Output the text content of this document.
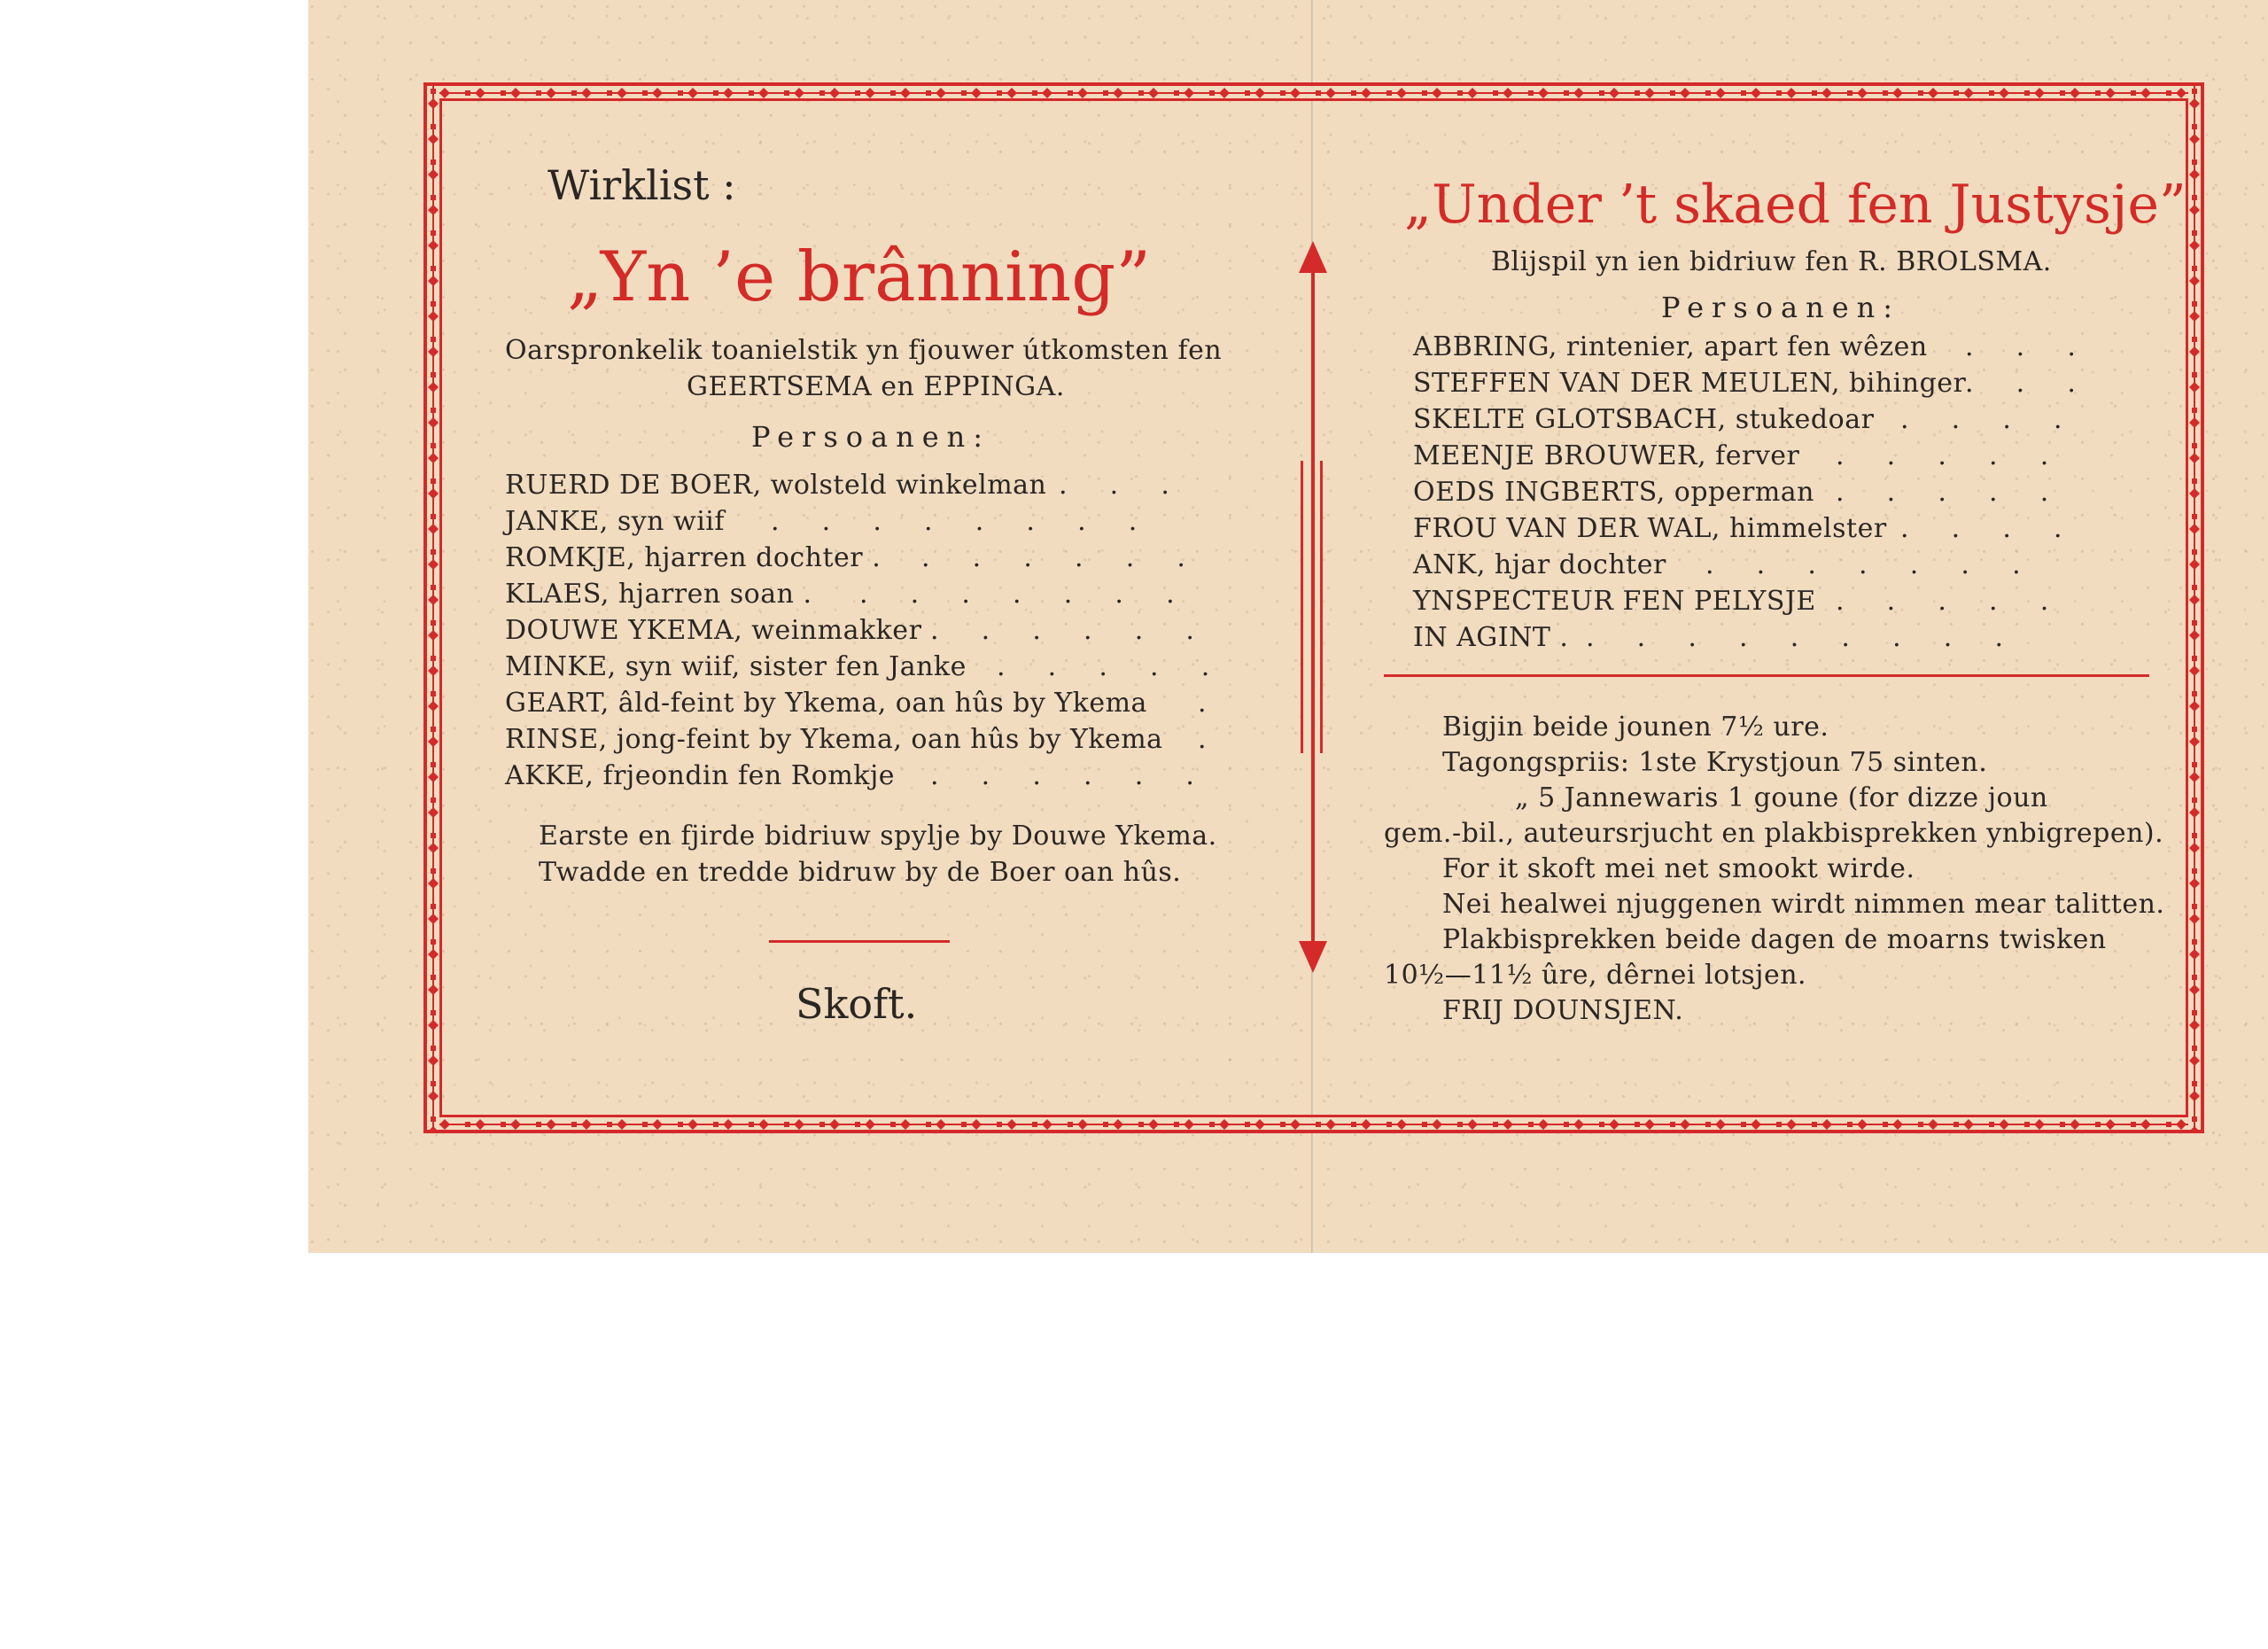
Wirklist :
„Yn ’e brânning”
Oarspronkelik toanielstik yn fjouwer útkomsten fen
GEERTSEMA en EPPINGA.
Persoanen:
RUERD DE BOER, wolsteld winkelman .    .    .
JANKE, syn wiif .    .    .    .    .    .    .    .
ROMKJE, hjarren dochter . .    .    .    .    .    .
KLAES, hjarren soan . .    .    .    .    .    .    .
DOUWE YKEMA, weinmakker .    .    .    .    .    .
MINKE, syn wiif, sister fen Janke .    .    .    .    .
GEART, âld-feint by Ykema, oan hûs by Ykema .
RINSE, jong-feint by Ykema, oan hûs by Ykema .
AKKE, frjeondin fen Romkje .    .    .    .    .    .
Earste en fjirde bidriuw spylje by Douwe Ykema.
Twadde en tredde bidruw by de Boer oan hûs.
Skoft.
„Under ’t skaed fen Justysje”
Blijspil yn ien bidriuw fen R. BROLSMA.
Persoanen:
ABBRING, rintenier, apart fen wêzen .    .    .
STEFFEN VAN DER MEULEN, bihinger
.    .    .
SKELTE GLOTSBACH, stukedoar .    .    .    .
MEENJE BROUWER, ferver .    .    .    .    .
OEDS INGBERTS, opperman .    .    .    .    .
FROU VAN DER WAL, himmelster .    .    .    .
ANK, hjar dochter .    .    .    .    .    .    .
YNSPECTEUR FEN PELYSJE .    .    .    .    .
IN AGINT . .    .    .    .    .    .    .    .    .
Bigjin beide jounen 7½ ure.
Tagongspriis: 1ste Krystjoun 75 sinten.
„ 5 Jannewaris 1 goune (for dizze joun
gem.-bil., auteursrjucht en plakbisprekken ynbigrepen).
For it skoft mei net smookt wirde.
Nei healwei njuggenen wirdt nimmen mear talitten.
Plakbisprekken beide dagen de moarns twisken
10½—11½ ûre, dêrnei lotsjen.
FRIJ DOUNSJEN.
